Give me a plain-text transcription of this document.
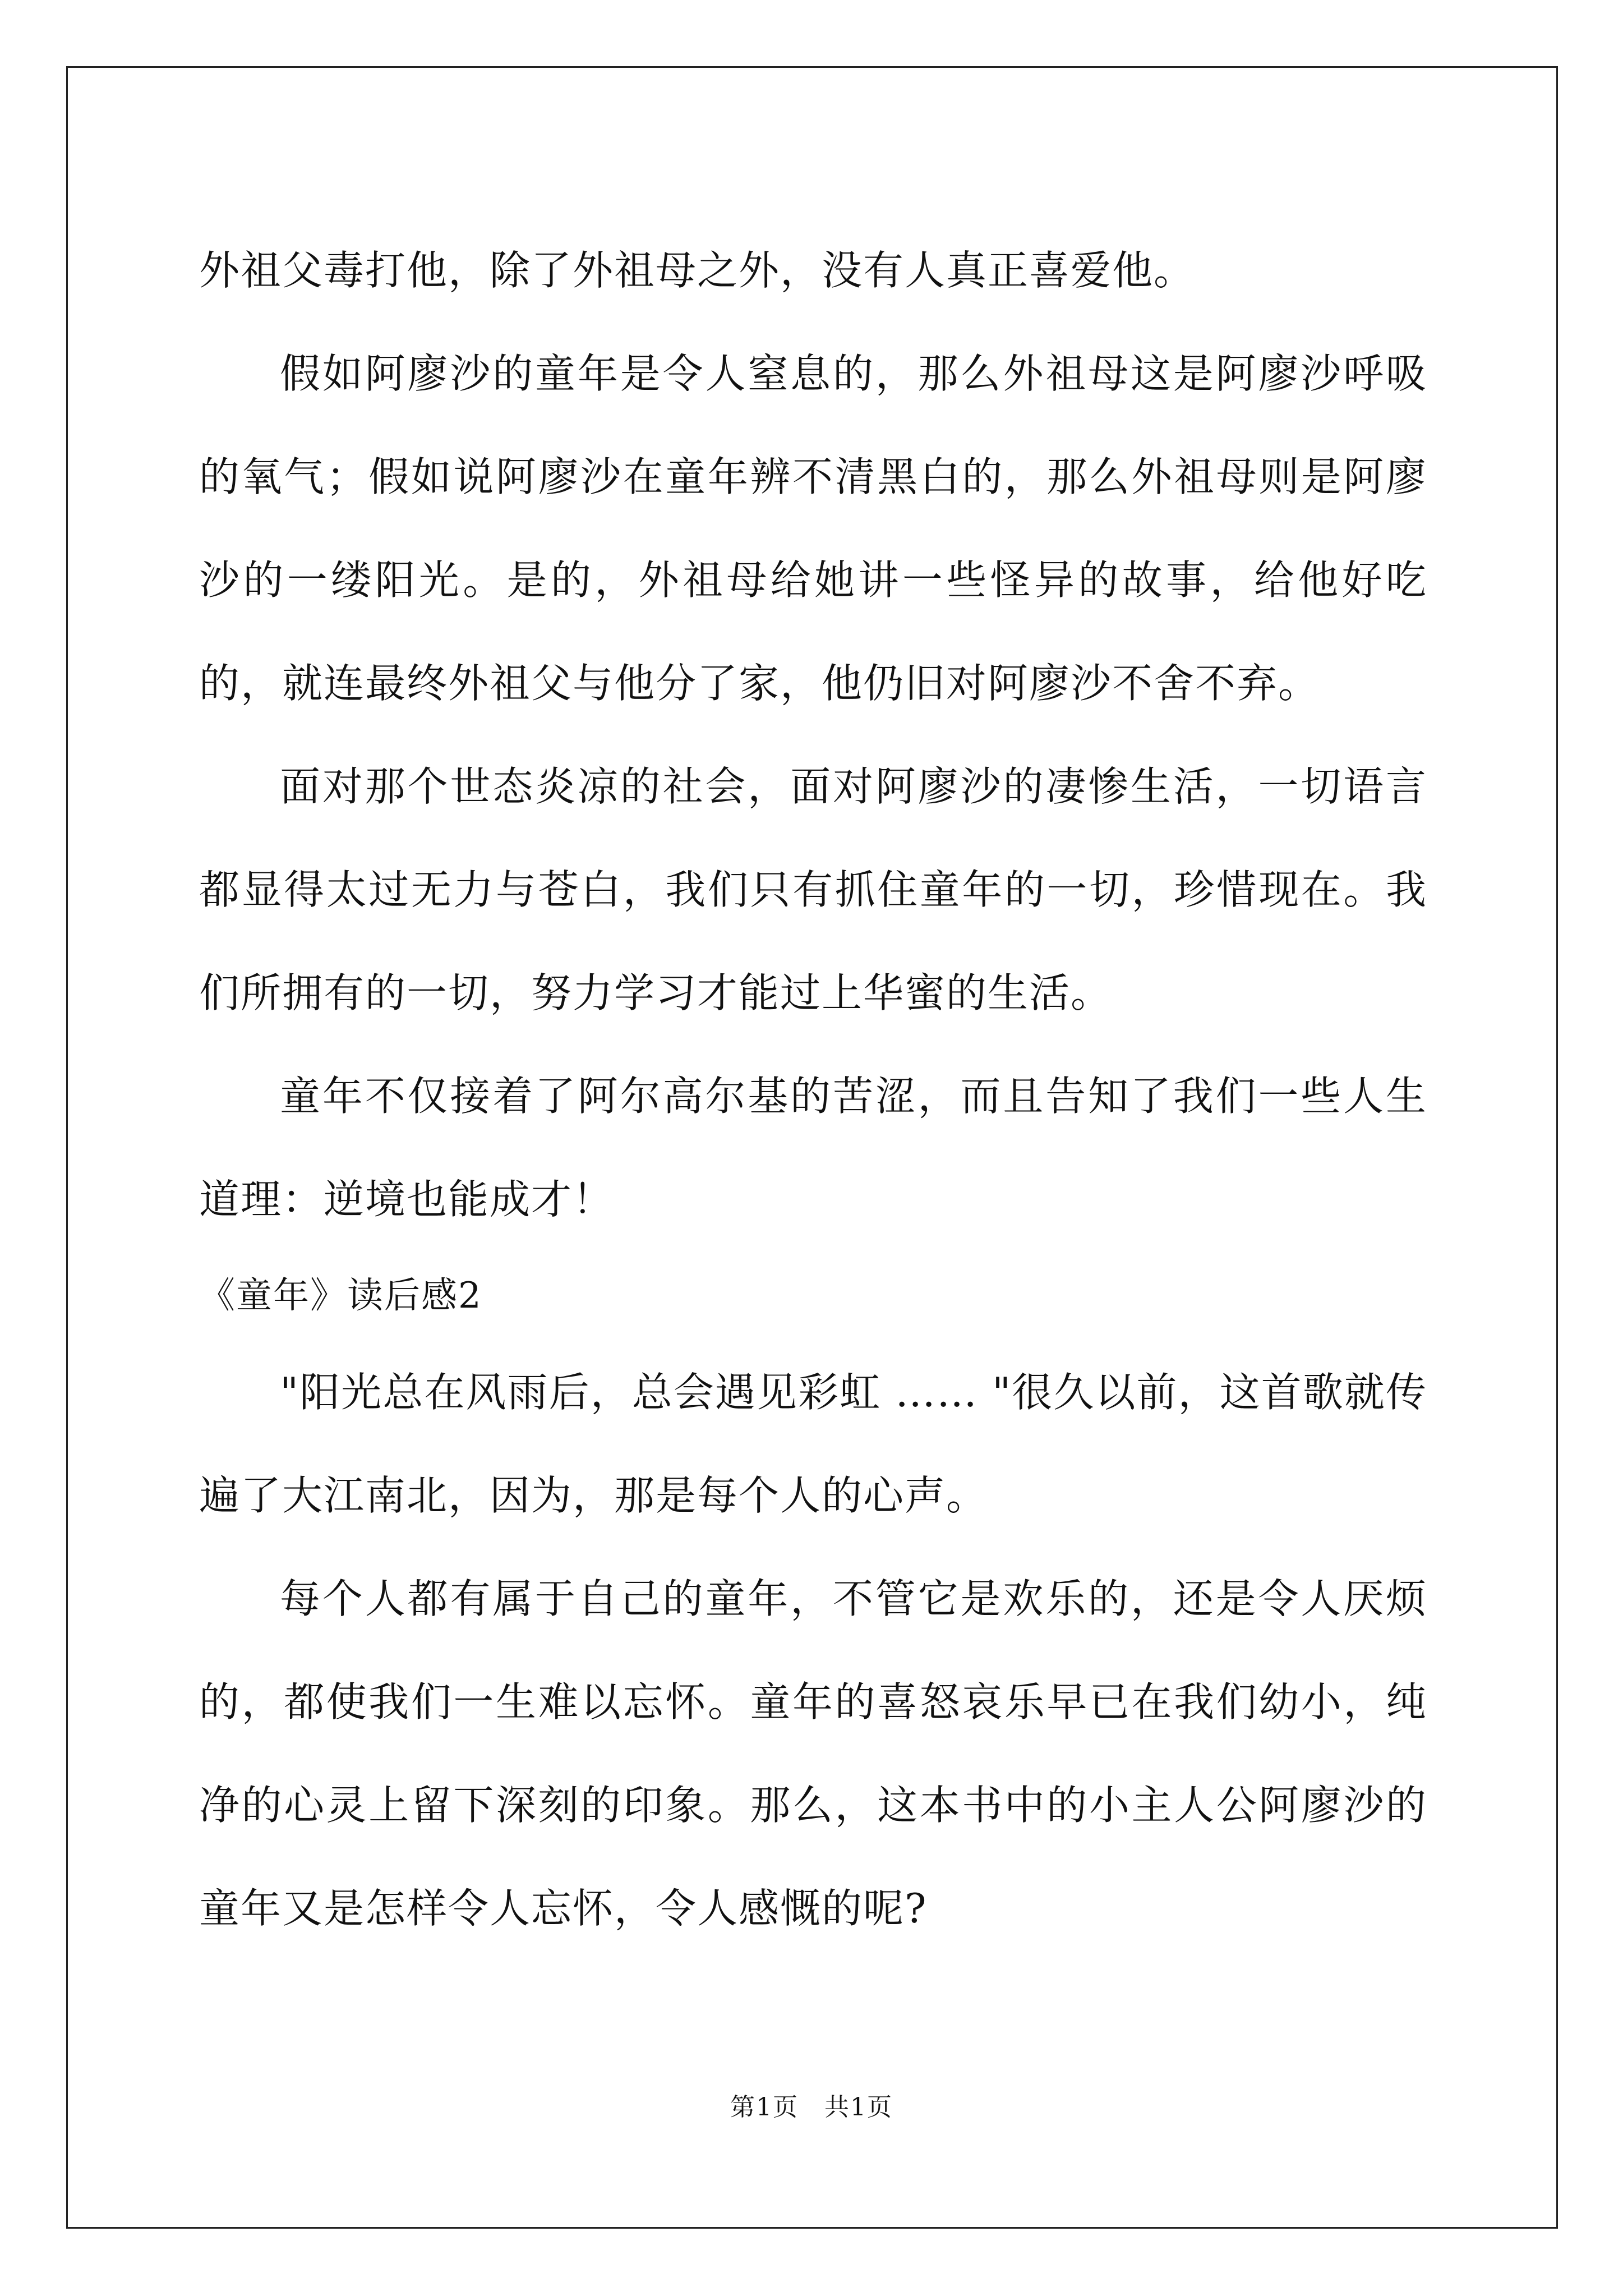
外祖父毒打他，除了外祖母之外，没有人真正喜爱他。

假如阿廖沙的童年是令人窒息的，那么外祖母这是阿廖沙呼吸的氧气；假如说阿廖沙在童年辨不清黑白的，那么外祖母则是阿廖沙的一缕阳光。是的，外祖母给她讲一些怪异的故事，给他好吃的，就连最终外祖父与他分了家，他仍旧对阿廖沙不舍不弃。

面对那个世态炎凉的社会，面对阿廖沙的凄惨生活，一切语言都显得太过无力与苍白，我们只有抓住童年的一切，珍惜现在。我们所拥有的一切，努力学习才能过上华蜜的生活。

童年不仅接着了阿尔高尔基的苦涩，而且告知了我们一些人生道理：逆境也能成才！

《童年》读后感2

"阳光总在风雨后，总会遇见彩虹 …… "很久以前，这首歌就传遍了大江南北，因为，那是每个人的心声。

每个人都有属于自己的童年，不管它是欢乐的，还是令人厌烦的，都使我们一生难以忘怀。童年的喜怒哀乐早已在我们幼小，纯净的心灵上留下深刻的印象。那么，这本书中的小主人公阿廖沙的童年又是怎样令人忘怀，令人感慨的呢?

第1页　共1页
